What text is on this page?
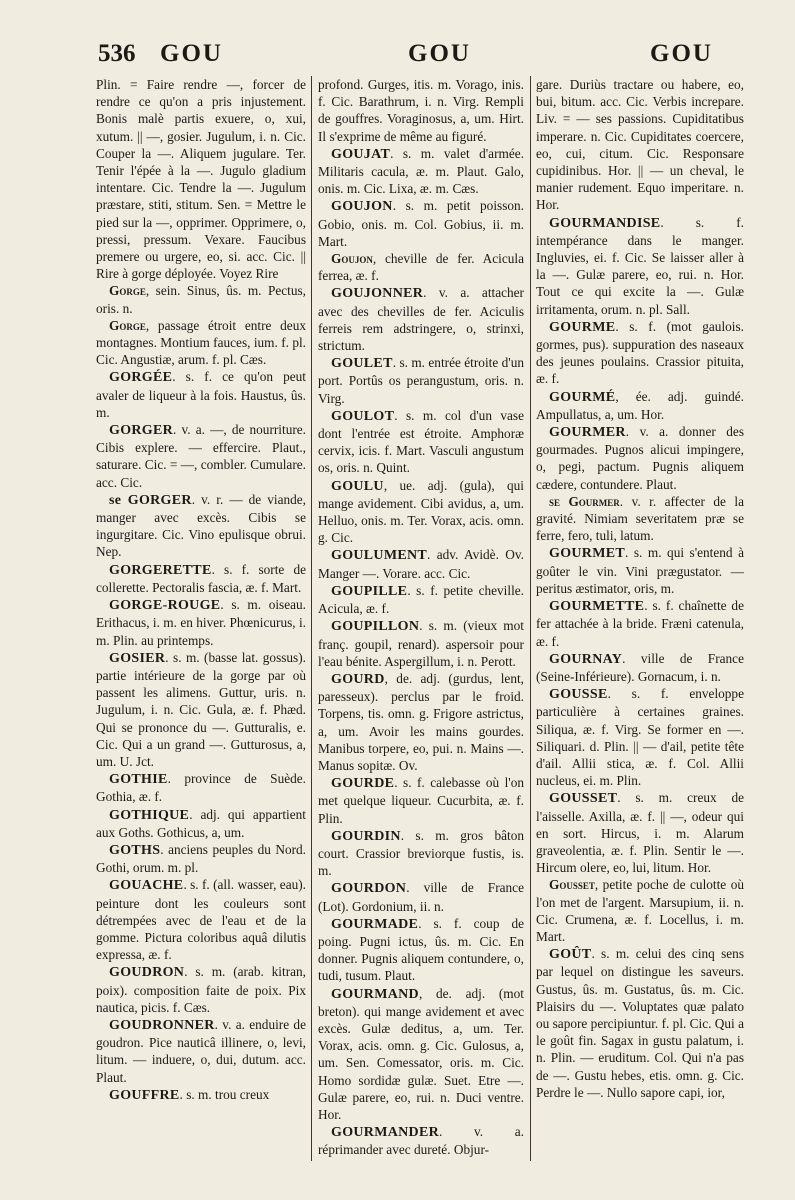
536 GOU	GOU	GOU

Plin. = Faire rendre —, forcer de rendre ce qu'on a pris injustement. Bonis malè partis exuere, o, xui, xutum. || —, gosier. Jugulum, i. n. Cic. Couper la —. Aliquem jugulare. Ter. Tenir l'épée à la —. Jugulo gladium intentare. Cic. Tendre la —. Jugulum præstare, stiti, stitum. Sen. = Mettre le pied sur la —, opprimer. Opprimere, o, pressi, pressum. Vexare. Faucibus premere ou urgere, eo, si. acc. Cic. || Rire à gorge déployée. Voyez Rire

Gorge, sein. Sinus, ûs. m. Pectus, oris. n.

Gorge, passage étroit entre deux montagnes. Montium fauces, ium. f. pl. Cic. Angustiæ, arum. f. pl. Cæs.

GORGÉE. s. f. ce qu'on peut avaler de liqueur à la fois. Haustus, ûs. m.

GORGER. v. a. —, de nourriture. Cibis explere. — effercire. Plaut., saturare. Cic. = —, combler. Cumulare. acc. Cic.

se GORGER. v. r. — de viande, manger avec excès. Cibis se ingurgitare. Cic. Vino epulisque obrui. Nep.

GORGERETTE. s. f. sorte de collerette. Pectoralis fascia, æ. f. Mart.

GORGE-ROUGE. s. m. oiseau. Erithacus, i. m. en hiver. Phœnicurus, i. m. Plin. au printemps.

GOSIER. s. m. (basse lat. gossus). partie intérieure de la gorge par où passent les alimens. Guttur, uris. n. Jugulum, i. n. Cic. Gula, æ. f. Phæd. Qui se prononce du —. Gutturalis, e. Cic. Qui a un grand —. Gutturosus, a, um. U. Jct.

GOTHIE. province de Suède. Gothia, æ. f.

GOTHIQUE. adj. qui appartient aux Goths. Gothicus, a, um.

GOTHS. anciens peuples du Nord. Gothi, orum. m. pl.

GOUACHE. s. f. (all. wasser, eau). peinture dont les couleurs sont détrempées avec de l'eau et de la gomme. Pictura coloribus aquâ dilutis expressa, æ. f.

GOUDRON. s. m. (arab. kitran, poix). composition faite de poix. Pix nautica, picis. f. Cæs.

GOUDRONNER. v. a. enduire de goudron. Pice nauticâ illinere, o, levi, litum. — induere, o, dui, dutum. acc. Plaut.

GOUFFRE. s. m. trou creux

profond. Gurges, itis. m. Vorago, inis. f. Cic. Barathrum, i. n. Virg. Rempli de gouffres. Voraginosus, a, um. Hirt. Il s'exprime de même au figuré.

GOUJAT. s. m. valet d'armée. Militaris cacula, æ. m. Plaut. Galo, onis. m. Cic. Lixa, æ. m. Cæs.

GOUJON. s. m. petit poisson. Gobio, onis. m. Col. Gobius, ii. m. Mart.

Goujon, cheville de fer. Acicula ferrea, æ. f.

GOUJONNER. v. a. attacher avec des chevilles de fer. Aciculis ferreis rem adstringere, o, strinxi, strictum.

GOULET. s. m. entrée étroite d'un port. Portûs os perangustum, oris. n. Virg.

GOULOT. s. m. col d'un vase dont l'entrée est étroite. Amphoræ cervix, icis. f. Mart. Vasculi angustum os, oris. n. Quint.

GOULU, ue. adj. (gula), qui mange avidement. Cibi avidus, a, um. Helluo, onis. m. Ter. Vorax, acis. omn. g. Cic.

GOULUMENT. adv. Avidè. Ov. Manger —. Vorare. acc. Cic.

GOUPILLE. s. f. petite cheville. Acicula, æ. f.

GOUPILLON. s. m. (vieux mot franç. goupil, renard). aspersoir pour l'eau bénite. Aspergillum, i. n. Perott.

GOURD, de. adj. (gurdus, lent, paresseux). perclus par le froid. Torpens, tis. omn. g. Frigore astrictus, a, um. Avoir les mains gourdes. Manibus torpere, eo, pui. n. Mains —. Manus sopitæ. Ov.

GOURDE. s. f. calebasse où l'on met quelque liqueur. Cucurbita, æ. f. Plin.

GOURDIN. s. m. gros bâton court. Crassior breviorque fustis, is. m.

GOURDON. ville de France (Lot). Gordonium, ii. n.

GOURMADE. s. f. coup de poing. Pugni ictus, ûs. m. Cic. En donner. Pugnis aliquem contundere, o, tudi, tusum. Plaut.

GOURMAND, de. adj. (mot breton). qui mange avidement et avec excès. Gulæ deditus, a, um. Ter. Vorax, acis. omn. g. Cic. Gulosus, a, um. Sen. Comessator, oris. m. Cic. Homo sordidæ gulæ. Suet. Etre —. Gulæ parere, eo, rui. n. Duci ventre. Hor.

GOURMANDER. v. a. réprimander avec dureté. Objur-

gare. Duriùs tractare ou habere, eo, bui, bitum. acc. Cic. Verbis increpare. Liv. = — ses passions. Cupiditatibus imperare. n. Cic. Cupiditates coercere, eo, cui, citum. Cic. Responsare cupidinibus. Hor. || — un cheval, le manier rudement. Equo imperitare. n. Hor.

GOURMANDISE. s. f. intempérance dans le manger. Ingluvies, ei. f. Cic. Se laisser aller à la —. Gulæ parere, eo, rui. n. Hor. Tout ce qui excite la —. Gulæ irritamenta, orum. n. pl. Sall.

GOURME. s. f. (mot gaulois. gormes, pus). suppuration des naseaux des jeunes poulains. Crassior pituita, æ. f.

GOURMÉ, ée. adj. guindé. Ampullatus, a, um. Hor.

GOURMER. v. a. donner des gourmades. Pugnos alicui impingere, o, pegi, pactum. Pugnis aliquem cædere, contundere. Plaut.

se Gourmer. v. r. affecter de la gravité. Nimiam severitatem præ se ferre, fero, tuli, latum.

GOURMET. s. m. qui s'entend à goûter le vin. Vini prægustator. — peritus æstimator, oris, m.

GOURMETTE. s. f. chaînette de fer attachée à la bride. Fræni catenula, æ. f.

GOURNAY. ville de France (Seine-Inférieure). Gornacum, i. n.

GOUSSE. s. f. enveloppe particulière à certaines graines. Siliqua, æ. f. Virg. Se former en —. Siliquari. d. Plin. || — d'ail, petite tête d'ail. Allii stica, æ. f. Col. Allii nucleus, ei. m. Plin.

GOUSSET. s. m. creux de l'aisselle. Axilla, æ. f. || —, odeur qui en sort. Hircus, i. m. Alarum graveolentia, æ. f. Plin. Sentir le —. Hircum olere, eo, lui, litum. Hor.

Gousset, petite poche de culotte où l'on met de l'argent. Marsupium, ii. n. Cic. Crumena, æ. f. Locellus, i. m. Mart.

GOÛT. s. m. celui des cinq sens par lequel on distingue les saveurs. Gustus, ûs. m. Gustatus, ûs. m. Cic. Plaisirs du —. Voluptates quæ palato ou sapore percipiuntur. f. pl. Cic. Qui a le goût fin. Sagax in gustu palatum, i. n. Plin. — eruditum. Col. Qui n'a pas de —. Gustu hebes, etis. omn. g. Cic. Perdre le —. Nullo sapore capi, ior,
